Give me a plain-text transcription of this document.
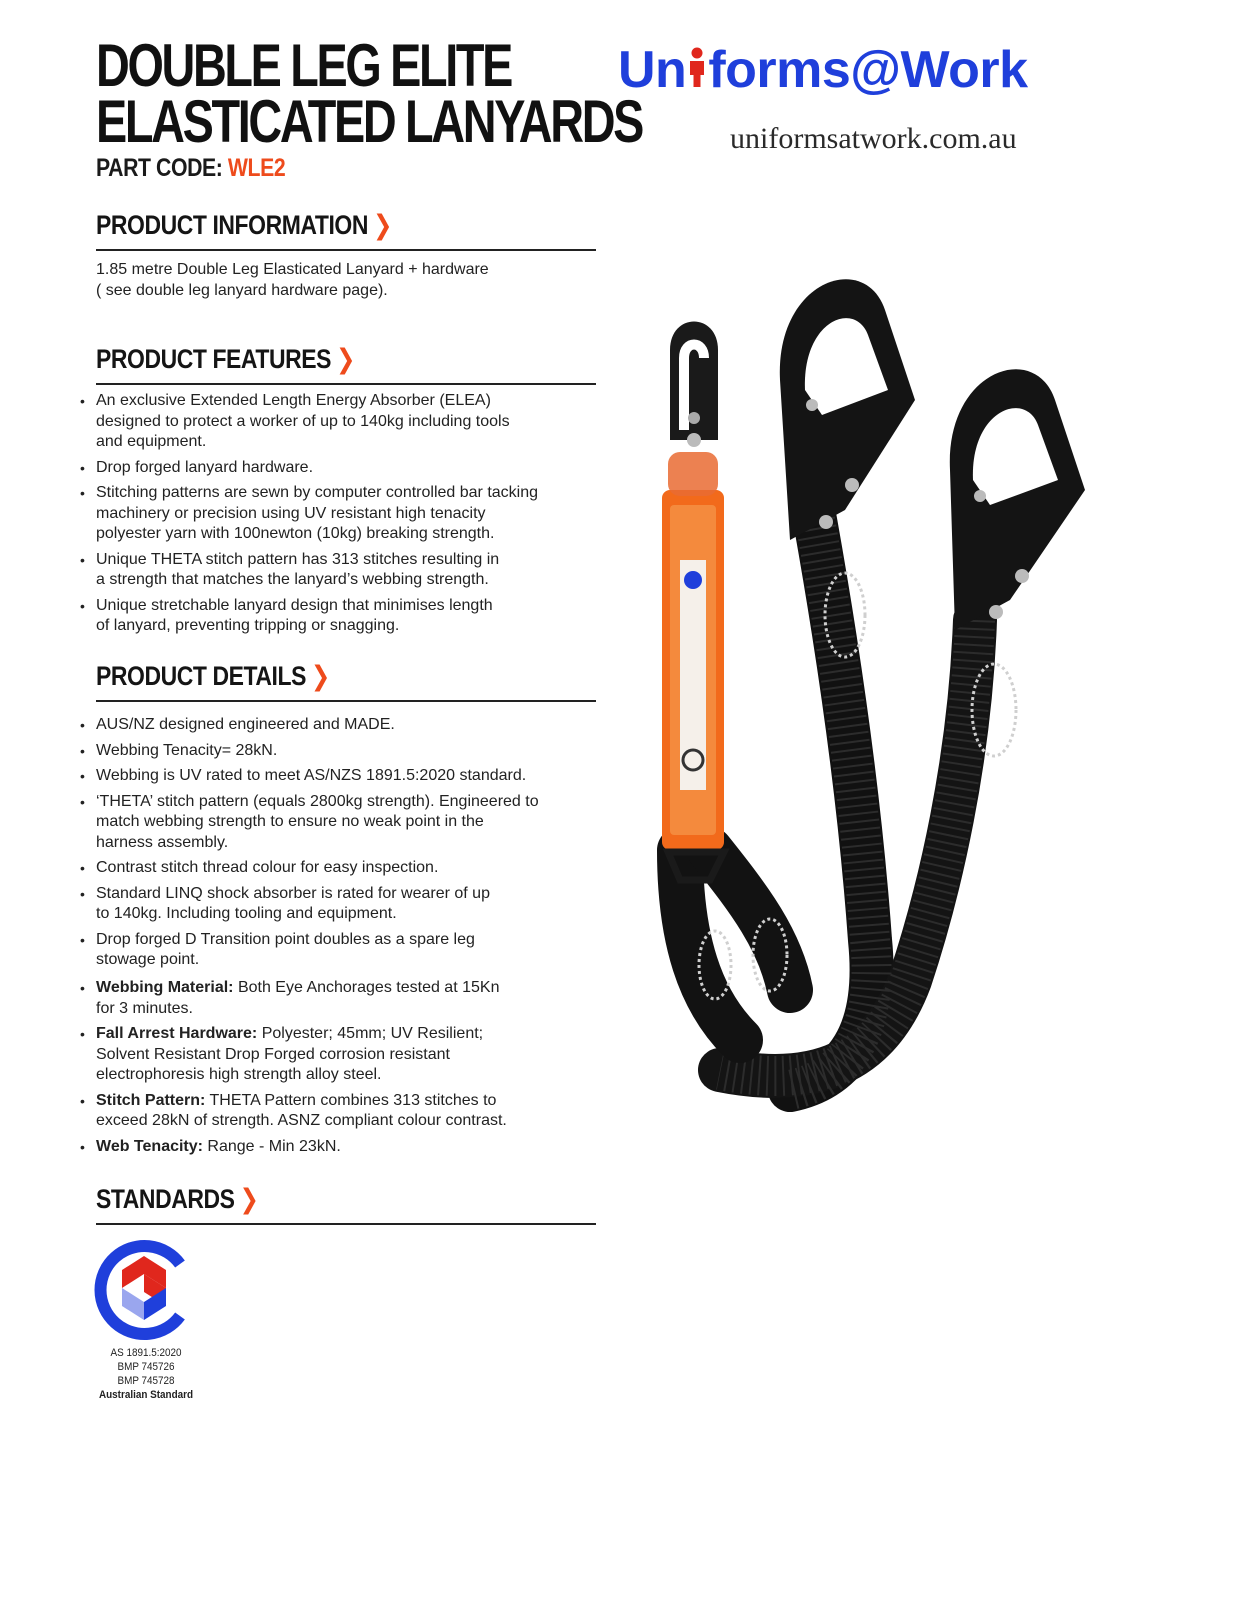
DOUBLE LEG ELITE
ELASTICATED LANYARDS
PART CODE: WLE2
Un forms@Work
uniformsatwork.com.au
PRODUCT INFORMATION ❯
1.85 metre Double Leg Elasticated Lanyard + hardware
( see double leg lanyard hardware page).
PRODUCT FEATURES ❯
• An exclusive Extended Length Energy Absorber (ELEA)
designed to protect a worker of up to 140kg including tools
and equipment.
• Drop forged lanyard hardware.
• Stitching patterns are sewn by computer controlled bar tacking
machinery or precision using UV resistant high tenacity
polyester yarn with 100newton (10kg) breaking strength.
• Unique THETA stitch pattern has 313 stitches resulting in
a strength that matches the lanyard’s webbing strength.
• Unique stretchable lanyard design that minimises length
of lanyard, preventing tripping or snagging.
PRODUCT DETAILS ❯
• AUS/NZ designed engineered and MADE.
• Webbing Tenacity= 28kN.
• Webbing is UV rated to meet AS/NZS 1891.5:2020 standard.
• ‘THETA’ stitch pattern (equals 2800kg strength). Engineered to
match webbing strength to ensure no weak point in the
harness assembly.
• Contrast stitch thread colour for easy inspection.
• Standard LINQ shock absorber is rated for wearer of up
to 140kg. Including tooling and equipment.
• Drop forged D Transition point doubles as a spare leg
stowage point.
• Webbing Material: Both Eye Anchorages tested at 15Kn
for 3 minutes.
• Fall Arrest Hardware: Polyester; 45mm; UV Resilient;
Solvent Resistant Drop Forged corrosion resistant
electrophoresis high strength alloy steel.
• Stitch Pattern: THETA Pattern combines 313 stitches to
exceed 28kN of strength. ASNZ compliant colour contrast.
• Web Tenacity: Range - Min 23kN.
STANDARDS ❯
AS 1891.5:2020
BMP 745726
BMP 745728
Australian Standard
